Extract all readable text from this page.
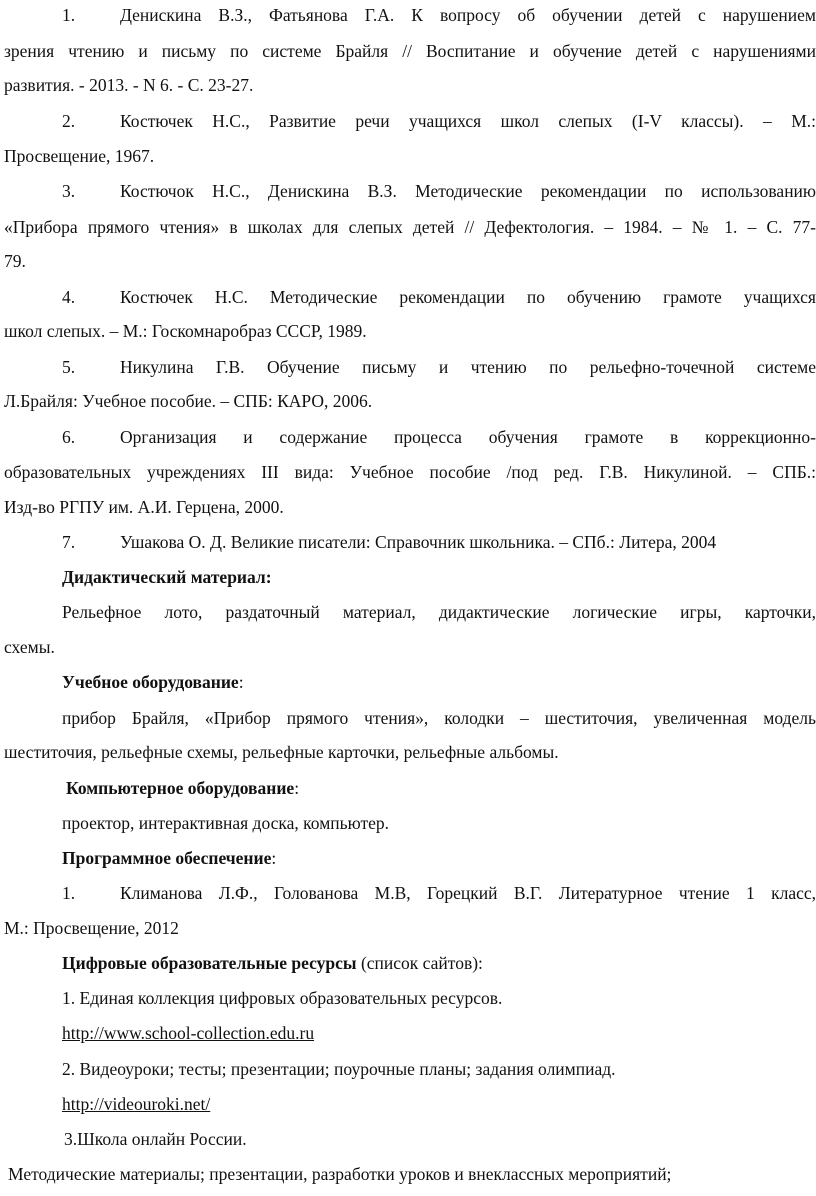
1.	Денискина В.З., Фатьянова Г.А. К вопросу об обучении детей с нарушением
зрения чтению и письму по системе Брайля // Воспитание и обучение детей с нарушениями
развития. - 2013. - N 6. - С. 23-27.
2.	Костючек Н.С., Развитие речи учащихся школ слепых (I-V классы). – М.:
Просвещение, 1967.
3.	Костючок Н.С., Денискина В.З. Методические рекомендации по использованию
«Прибора прямого чтения» в школах для слепых детей // Дефектология. – 1984. – № 1. – С. 77-
79.
4.	Костючек Н.С. Методические рекомендации по обучению грамоте учащихся
школ слепых. – М.: Госкомнаробраз СССР, 1989.
5.	Никулина Г.В. Обучение письму и чтению по рельефно-точечной системе
Л.Брайля: Учебное пособие. – СПБ: КАРО, 2006.
6.	Организация и содержание процесса обучения грамоте в коррекционно-
образовательных учреждениях III вида: Учебное пособие /под ред. Г.В. Никулиной. – СПБ.:
Изд-во РГПУ им. А.И. Герцена, 2000.
7.	Ушакова О. Д. Великие писатели: Справочник школьника. – СПб.: Литера, 2004
Дидактический материал:
Рельефное лото, раздаточный материал, дидактические логические игры, карточки,
схемы.
Учебное оборудование:
прибор Брайля, «Прибор прямого чтения», колодки – шеститочия, увеличенная модель
шеститочия, рельефные схемы, рельефные карточки, рельефные альбомы.
Компьютерное оборудование:
проектор, интерактивная доска, компьютер.
Программное обеспечение:
1.	Климанова Л.Ф., Голованова М.В, Горецкий В.Г. Литературное чтение 1 класс,
М.: Просвещение, 2012
Цифровые образовательные ресурсы (список сайтов):
1. Единая коллекция цифровых образовательных ресурсов.
http://www.school-collection.edu.ru
2. Видеоуроки; тесты; презентации; поурочные планы; задания олимпиад.
http://videouroki.net/
3.Школа онлайн России.
Методические материалы; презентации, разработки уроков и внеклассных мероприятий;
